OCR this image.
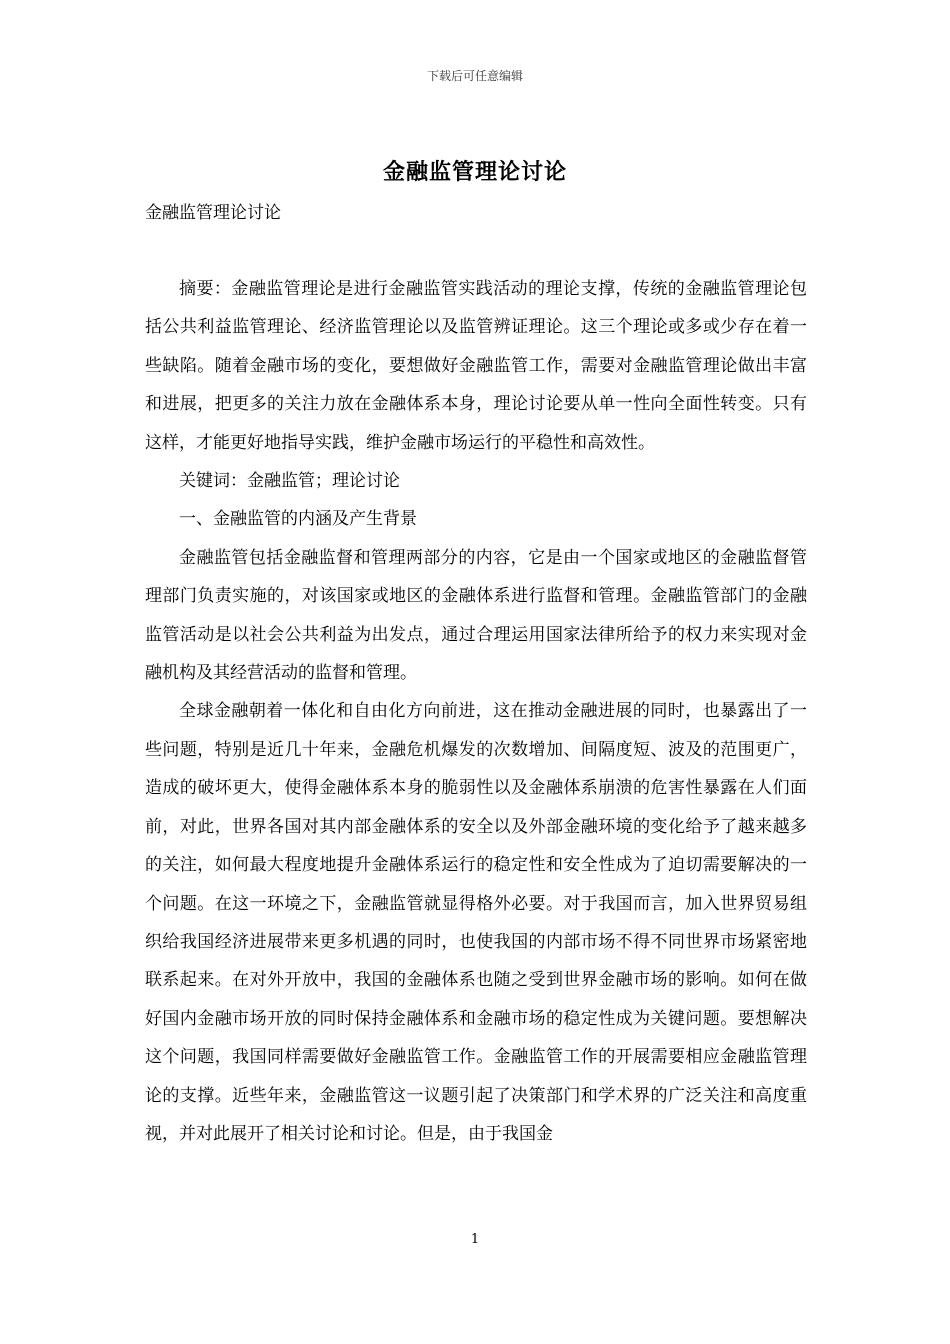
下载后可任意编辑
金融监管理论讨论
金融监管理论讨论

摘要：金融监管理论是进行金融监管实践活动的理论支撑，传统的金融监管理论包括公共利益监管理论、经济监管理论以及监管辨证理论。这三个理论或多或少存在着一些缺陷。随着金融市场的变化，要想做好金融监管工作，需要对金融监管理论做出丰富和进展，把更多的关注力放在金融体系本身，理论讨论要从单一性向全面性转变。只有这样，才能更好地指导实践，维护金融市场运行的平稳性和高效性。

关键词：金融监管；理论讨论

一、金融监管的内涵及产生背景

金融监管包括金融监督和管理两部分的内容，它是由一个国家或地区的金融监督管理部门负责实施的，对该国家或地区的金融体系进行监督和管理。金融监管部门的金融监管活动是以社会公共利益为出发点，通过合理运用国家法律所给予的权力来实现对金融机构及其经营活动的监督和管理。

全球金融朝着一体化和自由化方向前进，这在推动金融进展的同时，也暴露出了一些问题，特别是近几十年来，金融危机爆发的次数增加、间隔度短、波及的范围更广，造成的破坏更大，使得金融体系本身的脆弱性以及金融体系崩溃的危害性暴露在人们面前，对此，世界各国对其内部金融体系的安全以及外部金融环境的变化给予了越来越多的关注，如何最大程度地提升金融体系运行的稳定性和安全性成为了迫切需要解决的一个问题。在这一环境之下，金融监管就显得格外必要。对于我国而言，加入世界贸易组织给我国经济进展带来更多机遇的同时，也使我国的内部市场不得不同世界市场紧密地联系起来。在对外开放中，我国的金融体系也随之受到世界金融市场的影响。如何在做好国内金融市场开放的同时保持金融体系和金融市场的稳定性成为关键问题。要想解决这个问题，我国同样需要做好金融监管工作。金融监管工作的开展需要相应金融监管理论的支撑。近些年来，金融监管这一议题引起了决策部门和学术界的广泛关注和高度重视，并对此展开了相关讨论和讨论。但是，由于我国金

1
